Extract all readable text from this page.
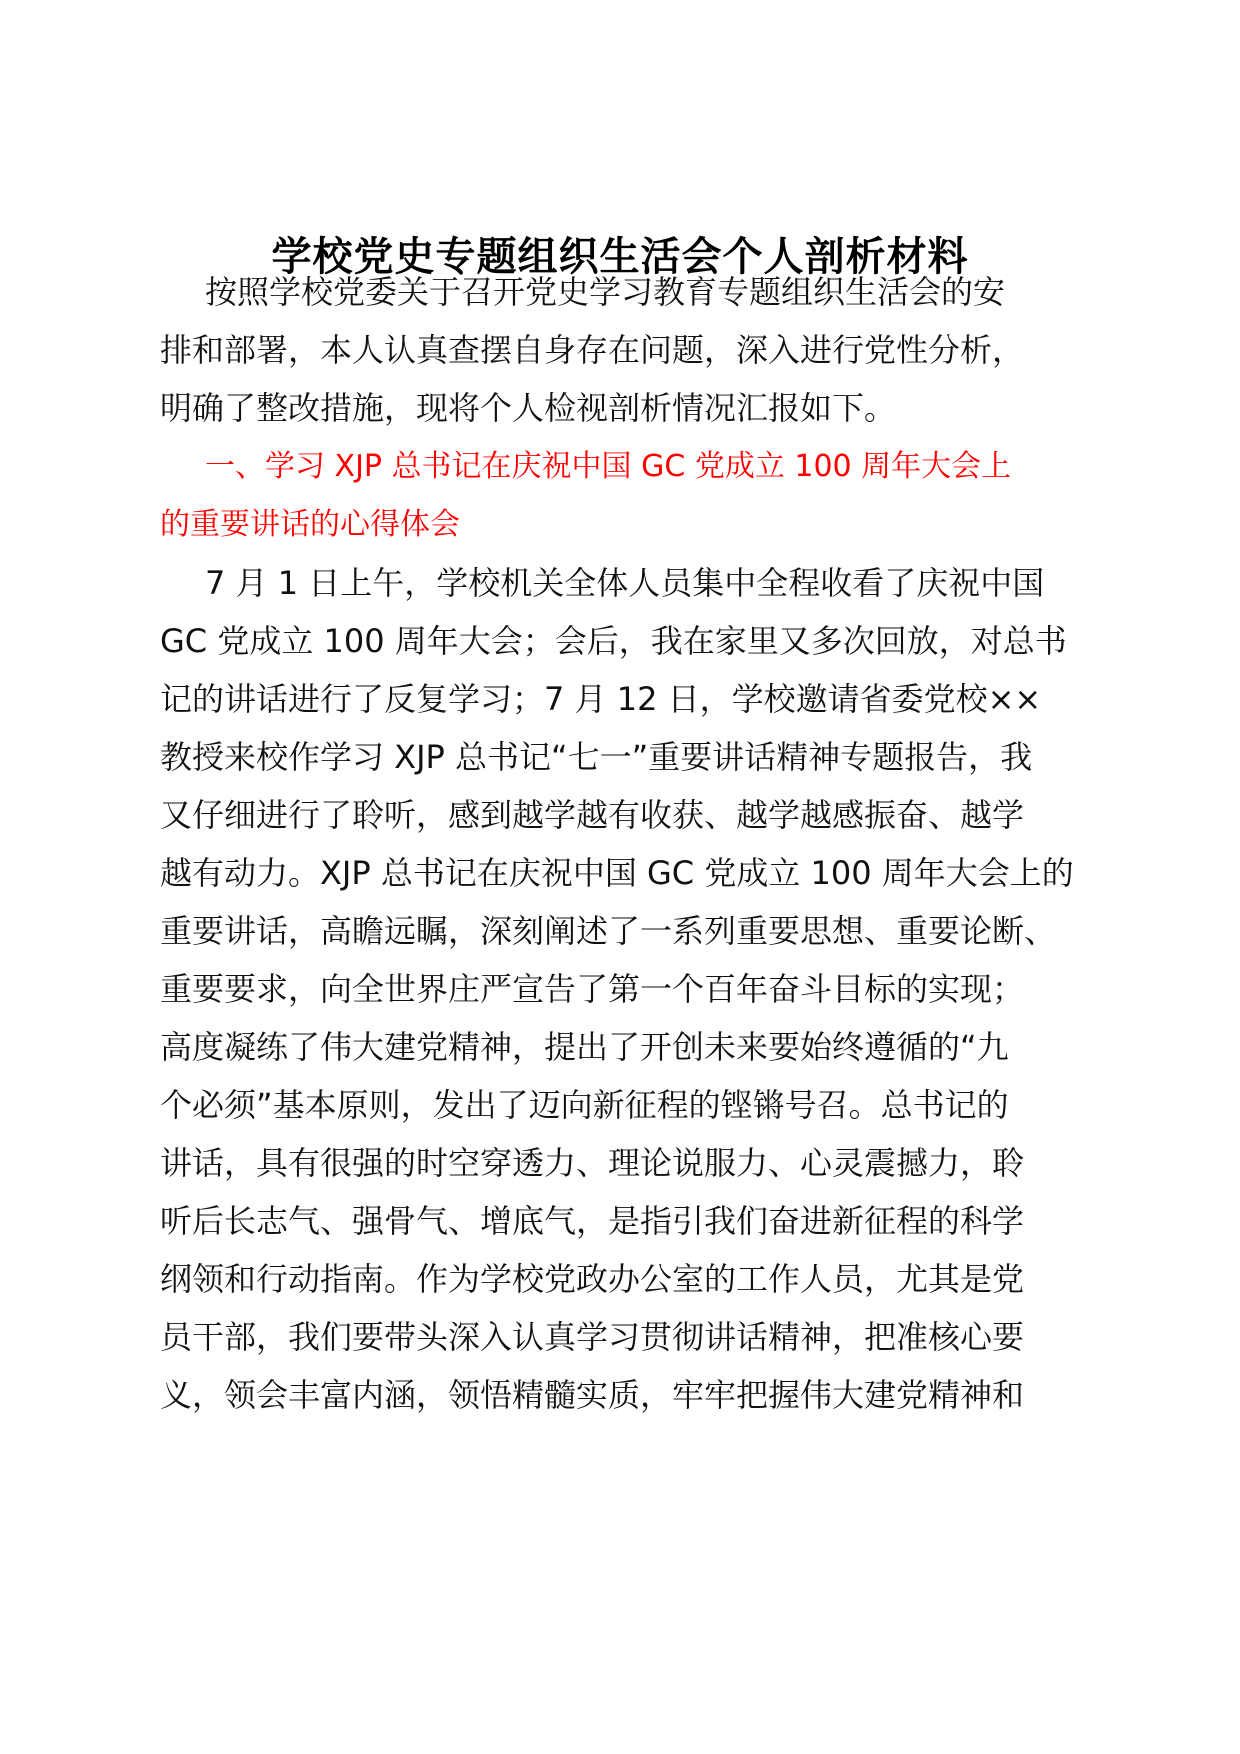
学校党史专题组织生活会个人剖析材料
按照学校党委关于召开党史学习教育专题组织生活会的安
排和部署，本人认真查摆自身存在问题，深入进行党性分析，
明确了整改措施，现将个人检视剖析情况汇报如下。
一、学习 XJP 总书记在庆祝中国 GC 党成立 100 周年大会上
的重要讲话的心得体会
7 月 1 日上午，学校机关全体人员集中全程收看了庆祝中国
GC 党成立 100 周年大会；会后，我在家里又多次回放，对总书
记的讲话进行了反复学习；7 月 12 日，学校邀请省委党校××
教授来校作学习 XJP 总书记“七一”重要讲话精神专题报告，我
又仔细进行了聆听，感到越学越有收获、越学越感振奋、越学
越有动力。XJP 总书记在庆祝中国 GC 党成立 100 周年大会上的
重要讲话，高瞻远瞩，深刻阐述了一系列重要思想、重要论断、
重要要求，向全世界庄严宣告了第一个百年奋斗目标的实现；
高度凝练了伟大建党精神，提出了开创未来要始终遵循的“九
个必须”基本原则，发出了迈向新征程的铿锵号召。总书记的
讲话，具有很强的时空穿透力、理论说服力、心灵震撼力，聆
听后长志气、强骨气、增底气，是指引我们奋进新征程的科学
纲领和行动指南。作为学校党政办公室的工作人员，尤其是党
员干部，我们要带头深入认真学习贯彻讲话精神，把准核心要
义，领会丰富内涵，领悟精髓实质，牢牢把握伟大建党精神和
